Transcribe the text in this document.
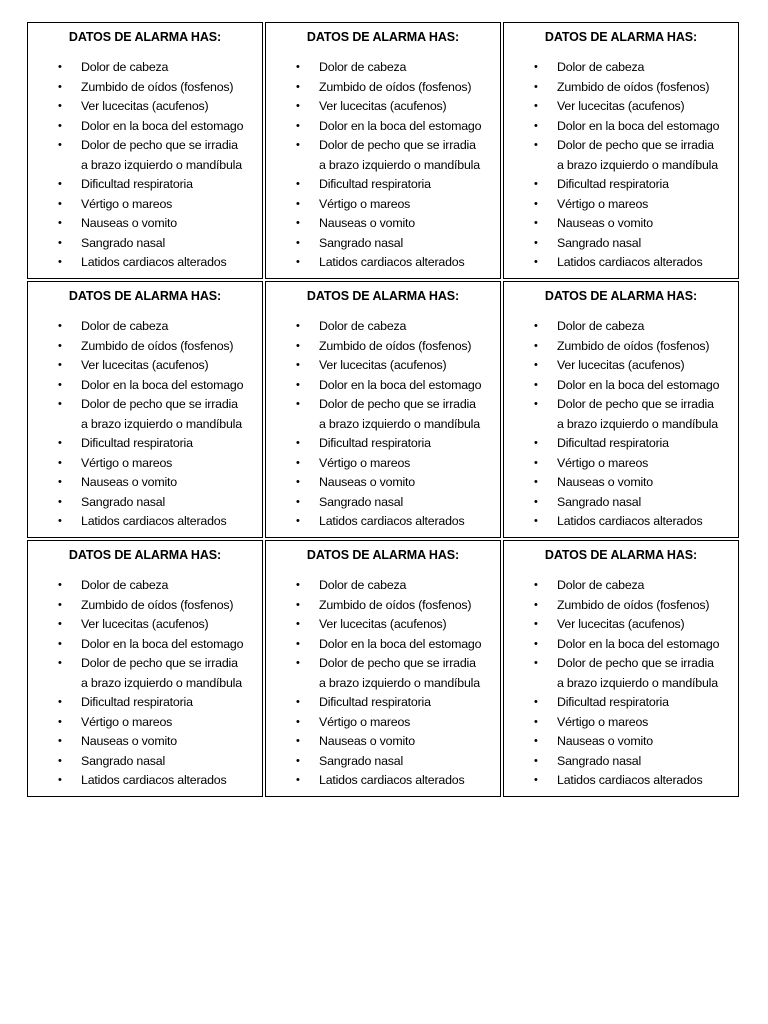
DATOS DE ALARMA HAS:
• Dolor de cabeza
• Zumbido de oídos (fosfenos)
• Ver lucecitas (acufenos)
• Dolor en la boca del estomago
• Dolor de pecho que se irradia
a brazo izquierdo o mandíbula
• Dificultad respiratoria
• Vértigo o mareos
• Nauseas o vomito
• Sangrado nasal
• Latidos cardiacos alterados
DATOS DE ALARMA HAS:
• Dolor de cabeza
• Zumbido de oídos (fosfenos)
• Ver lucecitas (acufenos)
• Dolor en la boca del estomago
• Dolor de pecho que se irradia
a brazo izquierdo o mandíbula
• Dificultad respiratoria
• Vértigo o mareos
• Nauseas o vomito
• Sangrado nasal
• Latidos cardiacos alterados
DATOS DE ALARMA HAS:
• Dolor de cabeza
• Zumbido de oídos (fosfenos)
• Ver lucecitas (acufenos)
• Dolor en la boca del estomago
• Dolor de pecho que se irradia
a brazo izquierdo o mandíbula
• Dificultad respiratoria
• Vértigo o mareos
• Nauseas o vomito
• Sangrado nasal
• Latidos cardiacos alterados
DATOS DE ALARMA HAS:
• Dolor de cabeza
• Zumbido de oídos (fosfenos)
• Ver lucecitas (acufenos)
• Dolor en la boca del estomago
• Dolor de pecho que se irradia
a brazo izquierdo o mandíbula
• Dificultad respiratoria
• Vértigo o mareos
• Nauseas o vomito
• Sangrado nasal
• Latidos cardiacos alterados
DATOS DE ALARMA HAS:
• Dolor de cabeza
• Zumbido de oídos (fosfenos)
• Ver lucecitas (acufenos)
• Dolor en la boca del estomago
• Dolor de pecho que se irradia
a brazo izquierdo o mandíbula
• Dificultad respiratoria
• Vértigo o mareos
• Nauseas o vomito
• Sangrado nasal
• Latidos cardiacos alterados
DATOS DE ALARMA HAS:
• Dolor de cabeza
• Zumbido de oídos (fosfenos)
• Ver lucecitas (acufenos)
• Dolor en la boca del estomago
• Dolor de pecho que se irradia
a brazo izquierdo o mandíbula
• Dificultad respiratoria
• Vértigo o mareos
• Nauseas o vomito
• Sangrado nasal
• Latidos cardiacos alterados
DATOS DE ALARMA HAS:
• Dolor de cabeza
• Zumbido de oídos (fosfenos)
• Ver lucecitas (acufenos)
• Dolor en la boca del estomago
• Dolor de pecho que se irradia
a brazo izquierdo o mandíbula
• Dificultad respiratoria
• Vértigo o mareos
• Nauseas o vomito
• Sangrado nasal
• Latidos cardiacos alterados
DATOS DE ALARMA HAS:
• Dolor de cabeza
• Zumbido de oídos (fosfenos)
• Ver lucecitas (acufenos)
• Dolor en la boca del estomago
• Dolor de pecho que se irradia
a brazo izquierdo o mandíbula
• Dificultad respiratoria
• Vértigo o mareos
• Nauseas o vomito
• Sangrado nasal
• Latidos cardiacos alterados
DATOS DE ALARMA HAS:
• Dolor de cabeza
• Zumbido de oídos (fosfenos)
• Ver lucecitas (acufenos)
• Dolor en la boca del estomago
• Dolor de pecho que se irradia
a brazo izquierdo o mandíbula
• Dificultad respiratoria
• Vértigo o mareos
• Nauseas o vomito
• Sangrado nasal
• Latidos cardiacos alterados
